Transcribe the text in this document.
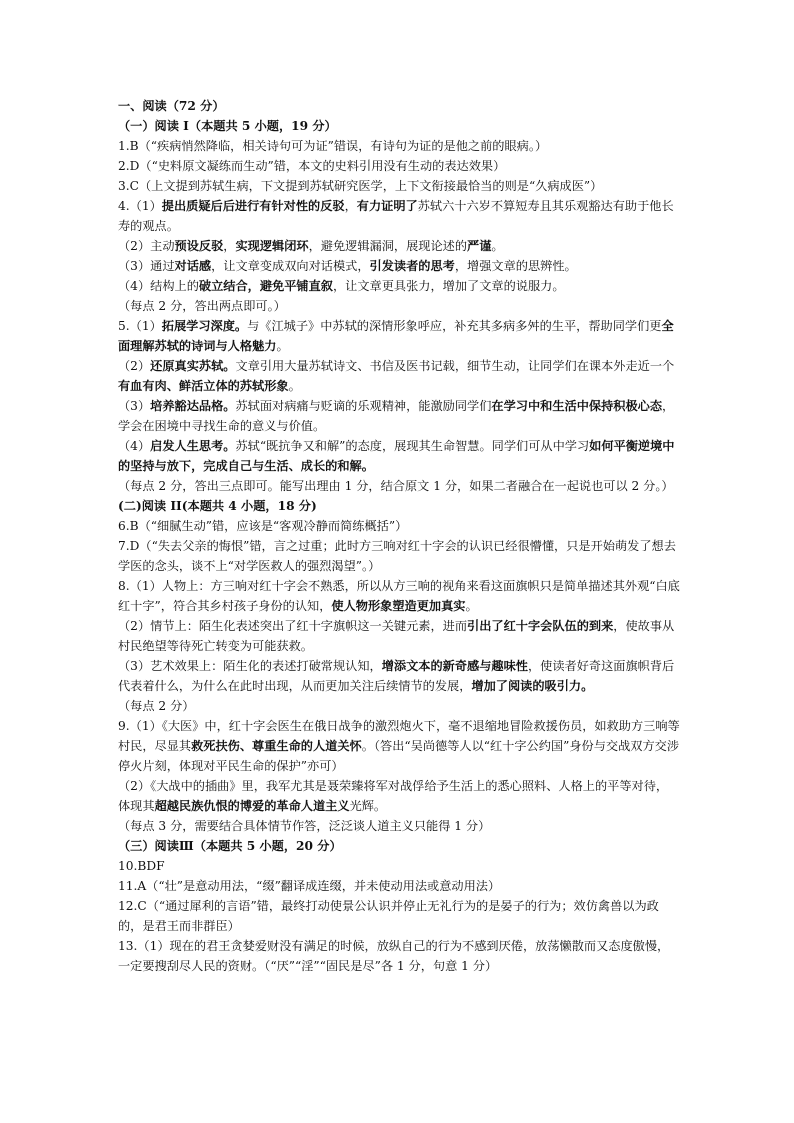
一、阅读（72 分）
（一）阅读 I（本题共 5 小题，19 分）
1.B（“疾病悄然降临，相关诗句可为证”错误，有诗句为证的是他之前的眼病。）
2.D（“史料原文凝练而生动”错，本文的史料引用没有生动的表达效果）
3.C（上文提到苏轼生病，下文提到苏轼研究医学，上下文衔接最恰当的则是“久病成医”）
4.（1）提出质疑后后进行有针对性的反驳，有力证明了苏轼六十六岁不算短寿且其乐观豁达有助于他长寿的观点。
（2）主动预设反驳，实现逻辑闭环，避免逻辑漏洞，展现论述的严谨。
（3）通过对话感，让文章变成双向对话模式，引发读者的思考，增强文章的思辨性。
（4）结构上的破立结合，避免平铺直叙，让文章更具张力，增加了文章的说服力。
（每点 2 分，答出两点即可。）
5.（1）拓展学习深度。与《江城子》中苏轼的深情形象呼应，补充其多病多舛的生平，帮助同学们更全面理解苏轼的诗词与人格魅力。
（2）还原真实苏轼。文章引用大量苏轼诗文、书信及医书记载，细节生动，让同学们在课本外走近一个有血有肉、鲜活立体的苏轼形象。
（3）培养豁达品格。苏轼面对病痛与贬谪的乐观精神，能激励同学们在学习中和生活中保持积极心态，学会在困境中寻找生命的意义与价值。
（4）启发人生思考。苏轼“既抗争又和解”的态度，展现其生命智慧。同学们可从中学习如何平衡逆境中的坚持与放下，完成自己与生活、成长的和解。
（每点 2 分，答出三点即可。能写出理由 1 分，结合原文 1 分，如果二者融合在一起说也可以 2 分。）
(二)阅读 II(本题共 4 小题，18 分)
6.B（“细腻生动”错，应该是“客观冷静而简练概括”）
7.D（“失去父亲的悔恨”错，言之过重；此时方三响对红十字会的认识已经很懵懂，只是开始萌发了想去学医的念头，谈不上“对学医救人的强烈渴望”。）
8.（1）人物上：方三响对红十字会不熟悉，所以从方三响的视角来看这面旗帜只是简单描述其外观“白底红十字”，符合其乡村孩子身份的认知，使人物形象塑造更加真实。
（2）情节上：陌生化表述突出了红十字旗帜这一关键元素，进而引出了红十字会队伍的到来，使故事从村民绝望等待死亡转变为可能获救。
（3）艺术效果上：陌生化的表述打破常规认知，增添文本的新奇感与趣味性，使读者好奇这面旗帜背后代表着什么，为什么在此时出现，从而更加关注后续情节的发展，增加了阅读的吸引力。
（每点 2 分）
9.（1）《大医》中，红十字会医生在俄日战争的激烈炮火下，毫不退缩地冒险救援伤员，如救助方三响等村民，尽显其救死扶伤、尊重生命的人道关怀。（答出“吴尚德等人以“红十字公约国”身份与交战双方交涉停火片刻，体现对平民生命的保护”亦可）
（2）《大战中的插曲》里，我军尤其是聂荣臻将军对战俘给予生活上的悉心照料、人格上的平等对待，体现其超越民族仇恨的博爱的革命人道主义光辉。
（每点 3 分，需要结合具体情节作答，泛泛谈人道主义只能得 1 分）
（三）阅读Ⅲ（本题共 5 小题，20 分）
10.BDF
11.A（“壮”是意动用法，“缀”翻译成连缀，并未使动用法或意动用法）
12.C（“通过犀利的言语”错，最终打动使景公认识并停止无礼行为的是晏子的行为；效仿禽兽以为政的，是君王而非群臣）
13.（1）现在的君王贪婪爱财没有满足的时候，放纵自己的行为不感到厌倦，放荡懒散而又态度傲慢，一定要搜刮尽人民的资财。（“厌”“淫”“固民是尽”各 1 分，句意 1 分）
